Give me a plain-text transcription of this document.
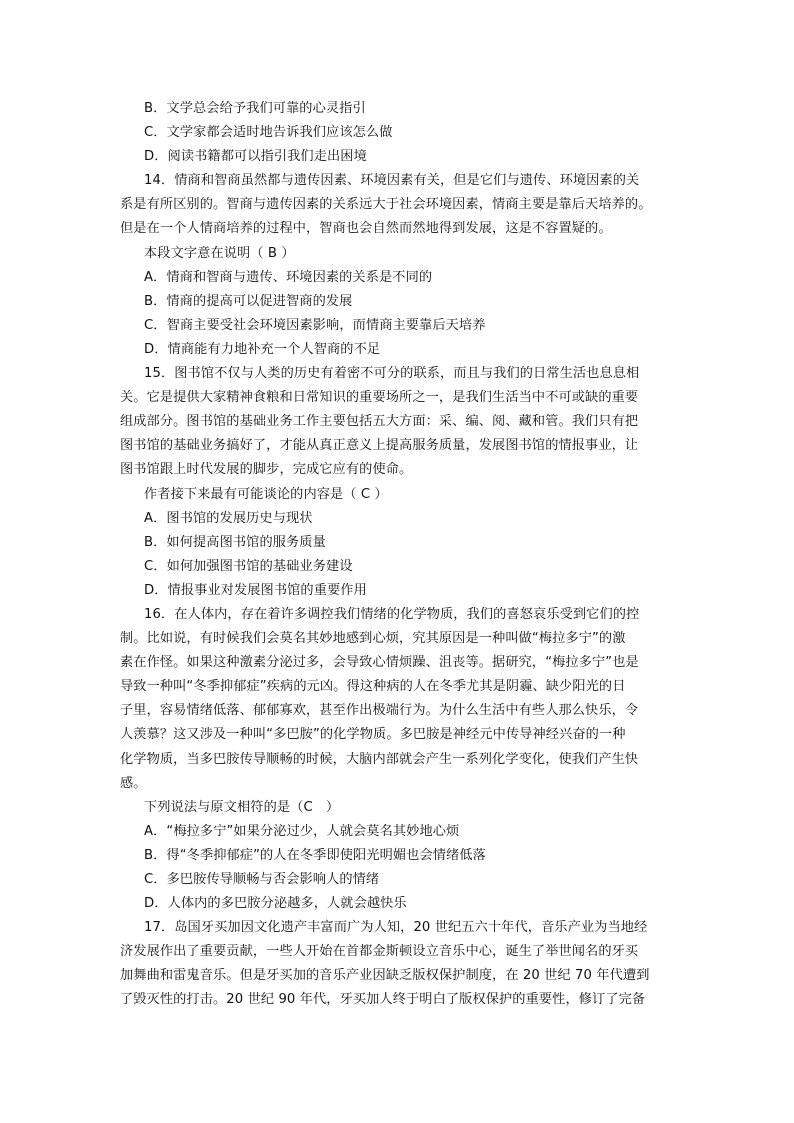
B．文学总会给予我们可靠的心灵指引
C．文学家都会适时地告诉我们应该怎么做
D．阅读书籍都可以指引我们走出困境
14．情商和智商虽然都与遗传因素、环境因素有关，但是它们与遗传、环境因素的关
系是有所区别的。智商与遗传因素的关系远大于社会环境因素，情商主要是靠后天培养的。
但是在一个人情商培养的过程中，智商也会自然而然地得到发展，这是不容置疑的。
本段文字意在说明（ B ）
A．情商和智商与遗传、环境因素的关系是不同的
B．情商的提高可以促进智商的发展
C．智商主要受社会环境因素影响，而情商主要靠后天培养
D．情商能有力地补充一个人智商的不足
15．图书馆不仅与人类的历史有着密不可分的联系，而且与我们的日常生活也息息相
关。它是提供大家精神食粮和日常知识的重要场所之一，是我们生活当中不可或缺的重要
组成部分。图书馆的基础业务工作主要包括五大方面：采、编、阅、藏和管。我们只有把
图书馆的基础业务搞好了，才能从真正意义上提高服务质量，发展图书馆的情报事业，让
图书馆跟上时代发展的脚步，完成它应有的使命。
作者接下来最有可能谈论的内容是（ C ）
A．图书馆的发展历史与现状
B．如何提高图书馆的服务质量
C．如何加强图书馆的基础业务建设
D．情报事业对发展图书馆的重要作用
16．在人体内，存在着许多调控我们情绪的化学物质，我们的喜怒哀乐受到它们的控
制。比如说，有时候我们会莫名其妙地感到心烦，究其原因是一种叫做“梅拉多宁”的激
素在作怪。如果这种激素分泌过多，会导致心情烦躁、沮丧等。据研究，“梅拉多宁”也是
导致一种叫“冬季抑郁症”疾病的元凶。得这种病的人在冬季尤其是阴霾、缺少阳光的日
子里，容易情绪低落、郁郁寡欢，甚至作出极端行为。为什么生活中有些人那么快乐，令
人羡慕？这又涉及一种叫“多巴胺”的化学物质。多巴胺是神经元中传导神经兴奋的一种
化学物质，当多巴胺传导顺畅的时候，大脑内部就会产生一系列化学变化，使我们产生快
感。
下列说法与原文相符的是（C　）
A．“梅拉多宁”如果分泌过少，人就会莫名其妙地心烦
B．得“冬季抑郁症”的人在冬季即使阳光明媚也会情绪低落
C．多巴胺传导顺畅与否会影响人的情绪
D．人体内的多巴胺分泌越多，人就会越快乐
17．岛国牙买加因文化遗产丰富而广为人知，20 世纪五六十年代，音乐产业为当地经
济发展作出了重要贡献，一些人开始在首都金斯顿设立音乐中心，诞生了举世闻名的牙买
加舞曲和雷鬼音乐。但是牙买加的音乐产业因缺乏版权保护制度，在 20 世纪 70 年代遭到
了毁灭性的打击。20 世纪 90 年代，牙买加人终于明白了版权保护的重要性，修订了完备
